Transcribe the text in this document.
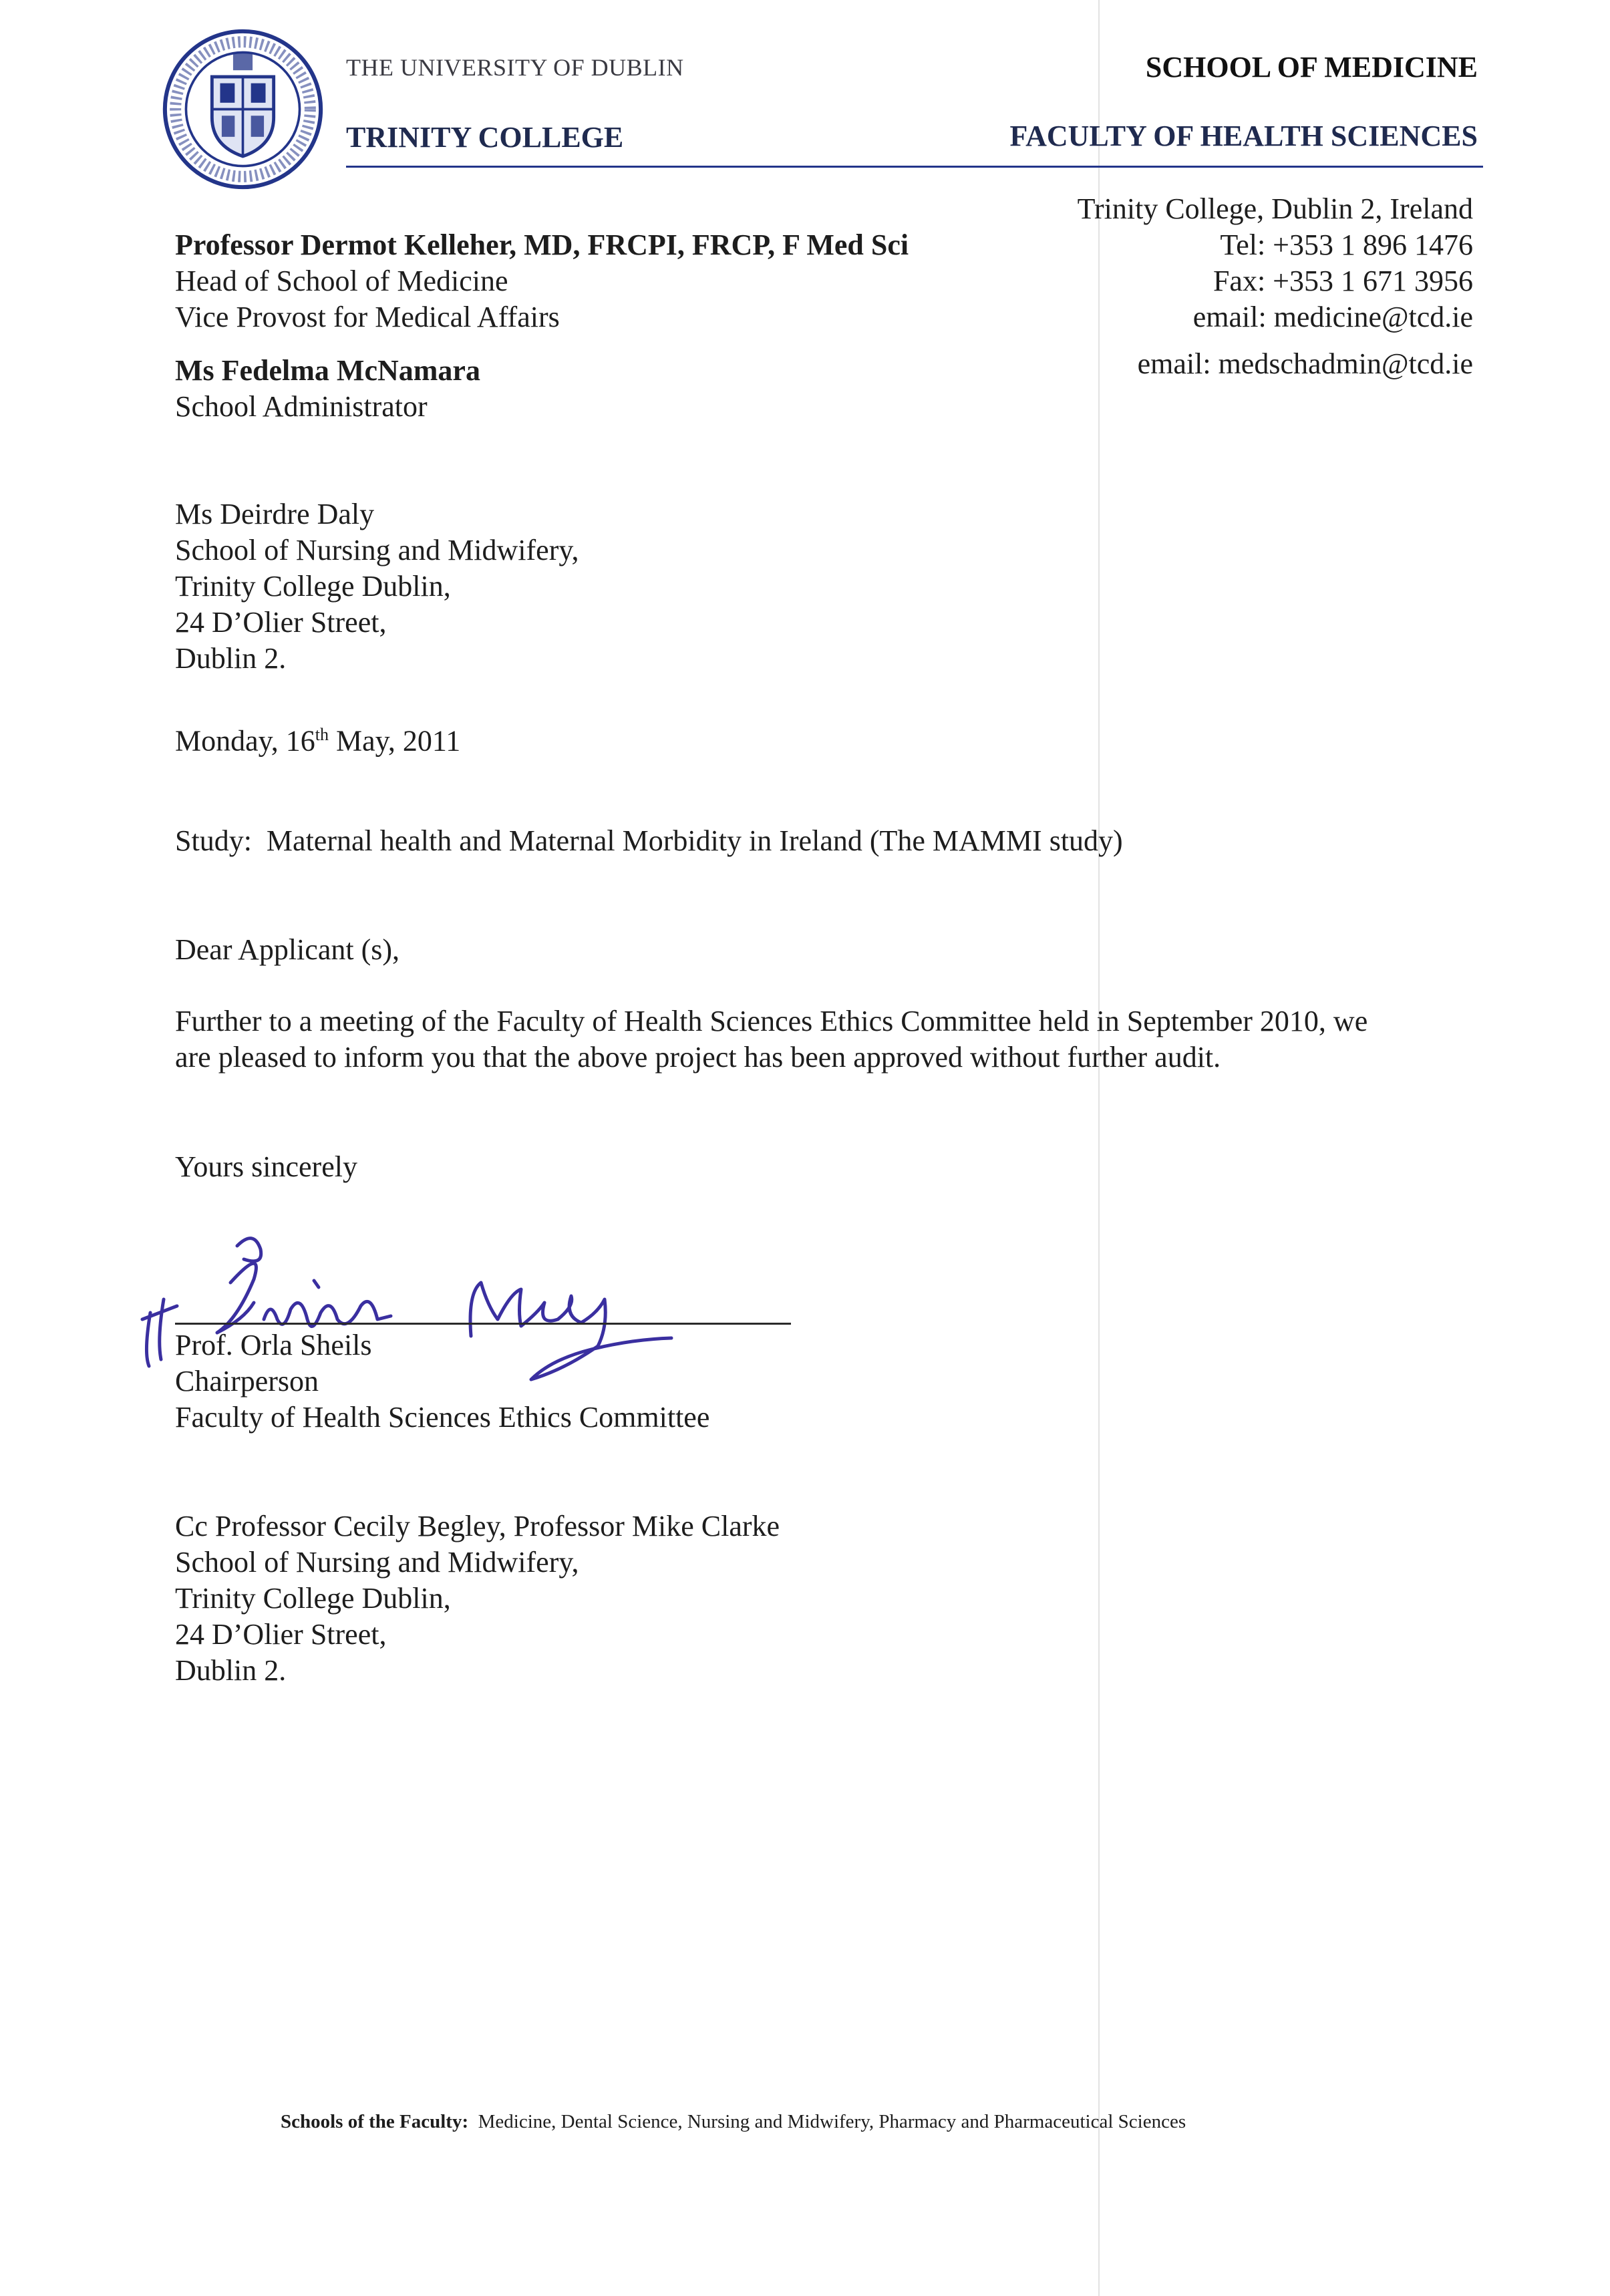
THE UNIVERSITY OF DUBLIN
TRINITY COLLEGE
SCHOOL OF MEDICINE
FACULTY OF HEALTH SCIENCES
Trinity College, Dublin 2, Ireland
Tel: +353 1 896 1476
Fax: +353 1 671 3956
email: medicine@tcd.ie
email: medschadmin@tcd.ie
Professor Dermot Kelleher, MD, FRCPI, FRCP, F Med Sci
Head of School of Medicine
Vice Provost for Medical Affairs
Ms Fedelma McNamara
School Administrator
Ms Deirdre Daly
School of Nursing and Midwifery,
Trinity College Dublin,
24 D’Olier Street,
Dublin 2.
Monday, 16th May, 2011
Study:  Maternal health and Maternal Morbidity in Ireland (The MAMMI study)
Dear Applicant (s),
Further to a meeting of the Faculty of Health Sciences Ethics Committee held in September 2010, we
are pleased to inform you that the above project has been approved without further audit.
Yours sincerely
Prof. Orla Sheils
Chairperson
Faculty of Health Sciences Ethics Committee
Cc Professor Cecily Begley, Professor Mike Clarke
School of Nursing and Midwifery,
Trinity College Dublin,
24 D’Olier Street,
Dublin 2.
Schools of the Faculty:  Medicine, Dental Science, Nursing and Midwifery, Pharmacy and Pharmaceutical Sciences
